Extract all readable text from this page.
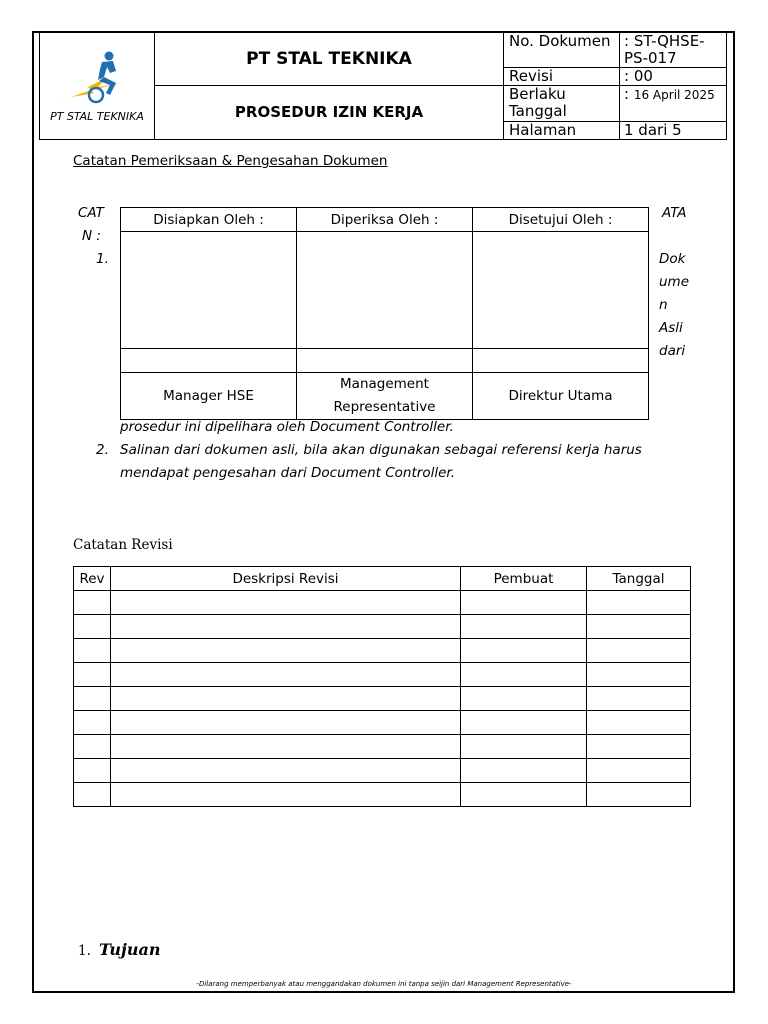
PT STAL TEKNIKA	PT STAL TEKNIKA	No. Dokumen	: ST-QHSE-PS-017
		Revisi	: 00
	PROSEDUR IZIN KERJA	Berlaku Tanggal	: 16 April 2025
		Halaman	1 dari 5
Catatan Pemeriksaan & Pengesahan Dokumen
CAT
N :
1.
ATA
Dok
ume
n
Asli
dari
Disiapkan Oleh :	Diperiksa Oleh :	Disetujui Oleh :

Manager HSE	Management Representative	Direktur Utama
prosedur ini dipelihara oleh Document Controller.
2. Salinan dari dokumen asli, bila akan digunakan sebagai referensi kerja harus
mendapat pengesahan dari Document Controller.
Catatan Revisi
Rev	Deskripsi Revisi	Pembuat	Tanggal

1. Tujuan
-Dilarang memperbanyak atau menggandakan dokumen ini tanpa seijin dari Management Representative-
